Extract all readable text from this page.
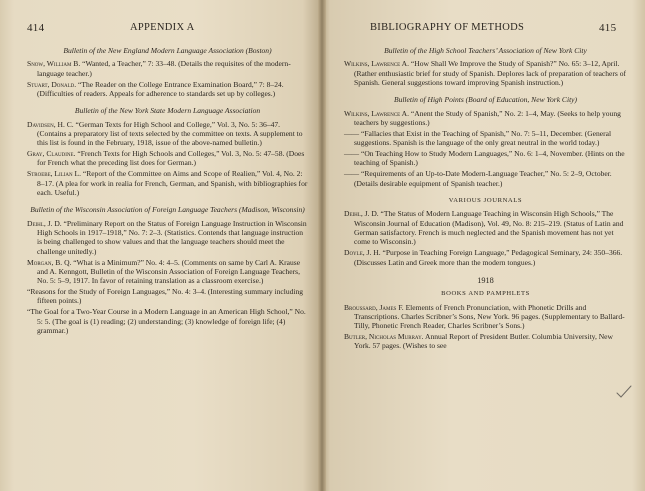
414	APPENDIX A
Bulletin of the New England Modern Language Association (Boston)
Snow, William B. “Wanted, a Teacher,” 7: 33–48. (Details the requisites of the modern-language teacher.)
Stuart, Donald. “The Reader on the College Entrance Examination Board,” 7: 8–24. (Difficulties of readers. Appeals for adherence to standards set up by colleges.)
Bulletin of the New York State Modern Language Association
Davidsen, H. C. “German Texts for High School and College,” Vol. 3, No. 5: 36–47. (Contains a preparatory list of texts selected by the committee on texts. A supplement to this list is found in the February, 1918, issue of the above-named bulletin.)
Gray, Claudine. “French Texts for High Schools and Colleges,” Vol. 3, No. 5: 47–58. (Does for French what the preceding list does for German.)
Stroebe, Lilian L. “Report of the Committee on Aims and Scope of Realien,” Vol. 4, No. 2: 8–17. (A plea for work in realia for French, German, and Spanish, with bibliographies for each. Useful.)
Bulletin of the Wisconsin Association of Foreign Language Teachers (Madison, Wisconsin)
Deihl, J. D. “Preliminary Report on the Status of Foreign Language Instruction in Wisconsin High Schools in 1917–1918,” No. 7: 2–3. (Statistics. Contends that language instruction is being challenged to show values and that the language teachers should meet the challenge unitedly.)
Morgan, B. Q. “What is a Minimum?” No. 4: 4–5. (Comments on same by Carl A. Krause and A. Kenngott, Bulletin of the Wisconsin Association of Foreign Language Teachers, No. 5: 5–9, 1917. In favor of retaining translation as a classroom exercise.)
“Reasons for the Study of Foreign Languages,” No. 4: 3–4. (Interesting summary including fifteen points.)
“The Goal for a Two-Year Course in a Modern Language in an American High School,” No. 5: 5. (The goal is (1) reading; (2) understanding; (3) knowledge of foreign life; (4) grammar.)
BIBLIOGRAPHY OF METHODS	415
Bulletin of the High School Teachers’ Association of New York City
Wilkins, Lawrence A. “How Shall We Improve the Study of Spanish?” No. 65: 3–12, April. (Rather enthusiastic brief for study of Spanish. Deplores lack of preparation of teachers of Spanish. General suggestions toward improving Spanish instruction.)
Bulletin of High Points (Board of Education, New York City)
Wilkins, Lawrence A. “Anent the Study of Spanish,” No. 2: 1–4, May. (Seeks to help young teachers by suggestions.)
—— “Fallacies that Exist in the Teaching of Spanish,” No. 7: 5–11, December. (General suggestions. Spanish is the language of the only great neutral in the world today.)
—— “On Teaching How to Study Modern Languages,” No. 6: 1–4, November. (Hints on the teaching of Spanish.)
—— “Requirements of an Up-to-Date Modern-Language Teacher,” No. 5: 2–9, October. (Details desirable equipment of Spanish teacher.)
VARIOUS JOURNALS
Deihl, J. D. “The Status of Modern Language Teaching in Wisconsin High Schools,” The Wisconsin Journal of Education (Madison), Vol. 49, No. 8: 215–219. (Status of Latin and German satisfactory. French is much neglected and the Spanish movement has not yet come to Wisconsin.)
Doyle, J. H. “Purpose in Teaching Foreign Language,” Pedagogical Seminary, 24: 350–366. (Discusses Latin and Greek more than the modern tongues.)
1918
BOOKS AND PAMPHLETS
Broussard, James F. Elements of French Pronunciation, with Phonetic Drills and Transcriptions. Charles Scribner’s Sons, New York. 96 pages. (Supplementary to Ballard-Tilly, Phonetic French Reader, Charles Scribner’s Sons.)
Butler, Nicholas Murray. Annual Report of President Butler. Columbia University, New York. 57 pages. (Wishes to see
